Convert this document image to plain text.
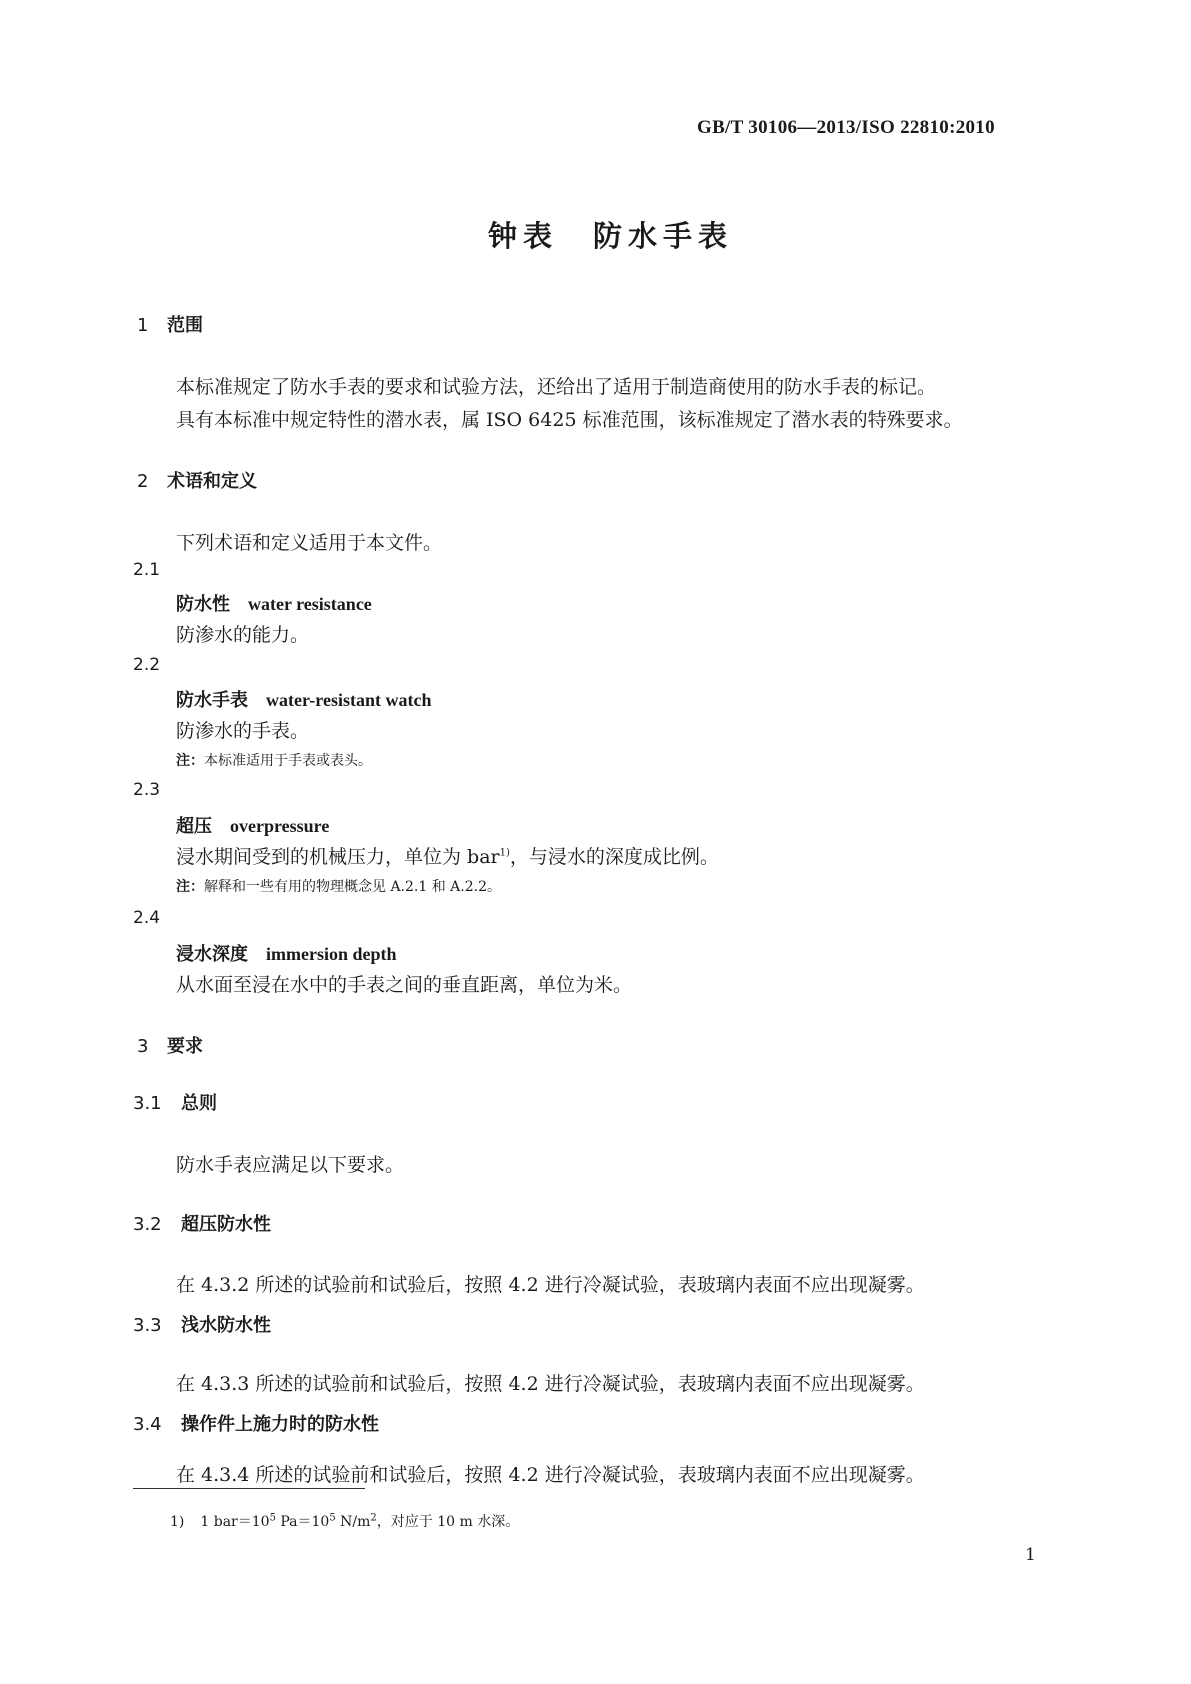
GB/T 30106—2013/ISO 22810:2010
钟表　防水手表
1 范围
本标准规定了防水手表的要求和试验方法，还给出了适用于制造商使用的防水手表的标记。
具有本标准中规定特性的潜水表，属 ISO 6425 标准范围，该标准规定了潜水表的特殊要求。
2 术语和定义
下列术语和定义适用于本文件。
2.1
防水性 water resistance
防渗水的能力。
2.2
防水手表 water-resistant watch
防渗水的手表。
注：本标准适用于手表或表头。
2.3
超压 overpressure
浸水期间受到的机械压力，单位为 bar$^{1)}$，与浸水的深度成比例。
注：解释和一些有用的物理概念见 A.2.1 和 A.2.2。
2.4
浸水深度 immersion depth
从水面至浸在水中的手表之间的垂直距离，单位为米。
3 要求
3.1 总则
防水手表应满足以下要求。
3.2 超压防水性
在 4.3.2 所述的试验前和试验后，按照 4.2 进行冷凝试验，表玻璃内表面不应出现凝雾。
3.3 浅水防水性
在 4.3.3 所述的试验前和试验后，按照 4.2 进行冷凝试验，表玻璃内表面不应出现凝雾。
3.4 操作件上施力时的防水性
在 4.3.4 所述的试验前和试验后，按照 4.2 进行冷凝试验，表玻璃内表面不应出现凝雾。
1) 1 $bar=10^5$ $Pa=10^5$ $N/m^2$，对应于 10 m 水深。
1
